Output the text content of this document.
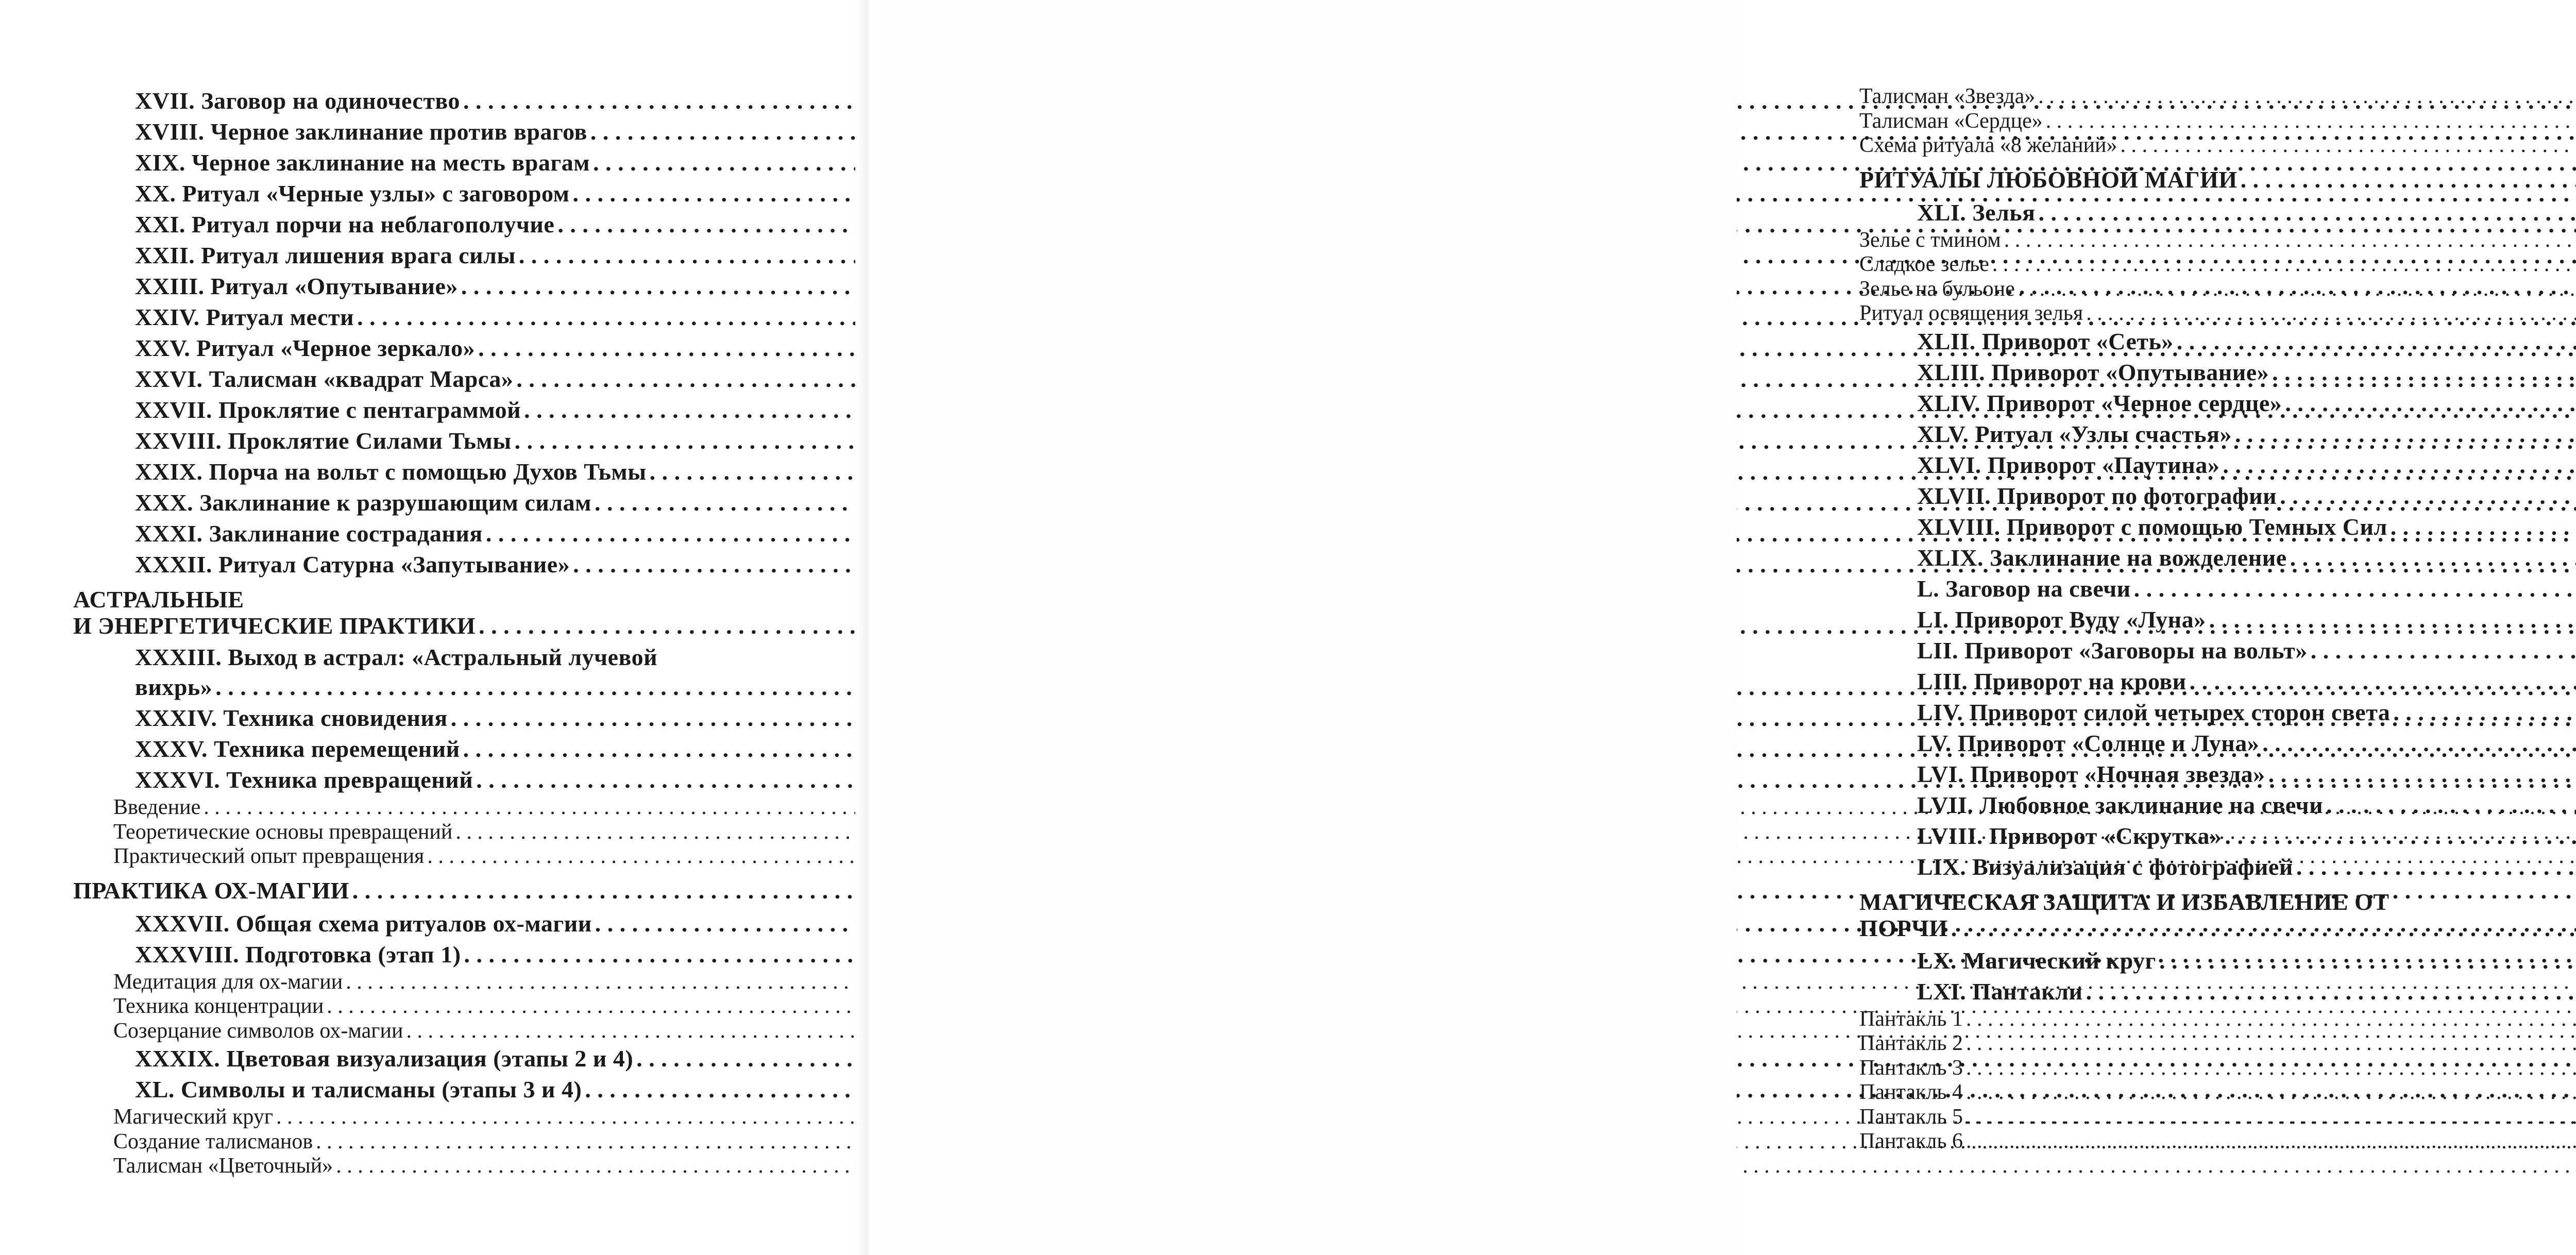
XVII. Заговор на одиночество
. . .
XVIII. Черное заклинание против врагов
. . .
XIX. Черное заклинание на месть врагам
. . .
XX. Ритуал «Черные узлы» с заговором
. . .
XXI. Ритуал порчи на неблагополучие
. . .
XXII. Ритуал лишения врага силы
. . .
XXIII. Ритуал «Опутывание»
. . .
XXIV. Ритуал мести
. . .
XXV. Ритуал «Черное зеркало»
. . .
XXVI. Талисман «квадрат Марса»
. . .
XXVII. Проклятие с пентаграммой
. . .
XXVIII. Проклятие Силами Тьмы
. . .
XXIX. Порча на вольт с помощью Духов Тьмы
. . .
XXX. Заклинание к разрушающим силам
. . .
XXXI. Заклинание сострадания
. . .
XXXII. Ритуал Сатурна «Запутывание»
. . .
АСТРАЛЬНЫЕ
И ЭНЕРГЕТИЧЕСКИЕ ПРАКТИКИ
. . .
XXXIII. Выход в астрал: «Астральный лучевой
вихрь»
. . .
XXXIV. Техника сновидения
. . .
XXXV. Техника перемещений
. . .
XXXVI. Техника превращений
. . .
Введение
. . .
Теоретические основы превращений
. . .
Практический опыт превращения
. . .
ПРАКТИКА ОХ-МАГИИ
. . .
XXXVII. Общая схема ритуалов ох-магии
. . .
XXXVIII. Подготовка (этап 1)
. . .
Медитация для ох-магии
. . .
Техника концентрации
. . .
Созерцание символов ох-магии
. . .
XXXIX. Цветовая визуализация (этапы 2 и 4)
. . .
XL. Символы и талисманы (этапы 3 и 4)
. . .
Магический круг
. . .
Создание талисманов
. . .
Талисман «Цветочный»
. . .
Талисман «Звезда»
. . .
Талисман «Сердце»
. . .
Схема ритуала «8 желаний»
. . .
РИТУАЛЫ ЛЮБОВНОЙ МАГИИ
. . .
XLI. Зелья
. . .
Зелье с тмином
. . .
Сладкое зелье
. . .
Зелье на бульоне
. . .
Ритуал освящения зелья
. . .
XLII. Приворот «Сеть»
. . .
XLIII. Приворот «Опутывание»
. . .
XLIV. Приворот «Черное сердце»
. . .
XLV. Ритуал «Узлы счастья»
. . .
XLVI. Приворот «Паутина»
. . .
XLVII. Приворот по фотографии
. . .
XLVIII. Приворот с помощью Темных Сил
. . .
XLIX. Заклинание на вожделение
. . .
L. Заговор на свечи
. . .
LI. Приворот Вуду «Луна»
. . .
LII. Приворот «Заговоры на вольт»
. . .
LIII. Приворот на крови
. . .
LIV. Приворот силой четырех сторон света
. . .
LV. Приворот «Солнце и Луна»
. . .
LVI. Приворот «Ночная звезда»
. . .
LVII. Любовное заклинание на свечи
. . .
LVIII. Приворот «Скрутка»
. . .
LIX. Визуализация с фотографией
. . .
МАГИЧЕСКАЯ ЗАЩИТА И ИЗБАВЛЕНИЕ ОТ
ПОРЧИ
. . .
LX. Магический круг
. . .
LXI. Пантакли
. . .
Пантакль 1
. . .
Пантакль 2
. . .
Пантакль 3
. . .
Пантакль 4
. . .
Пантакль 5
. . .
Пантакль 6
. . .
